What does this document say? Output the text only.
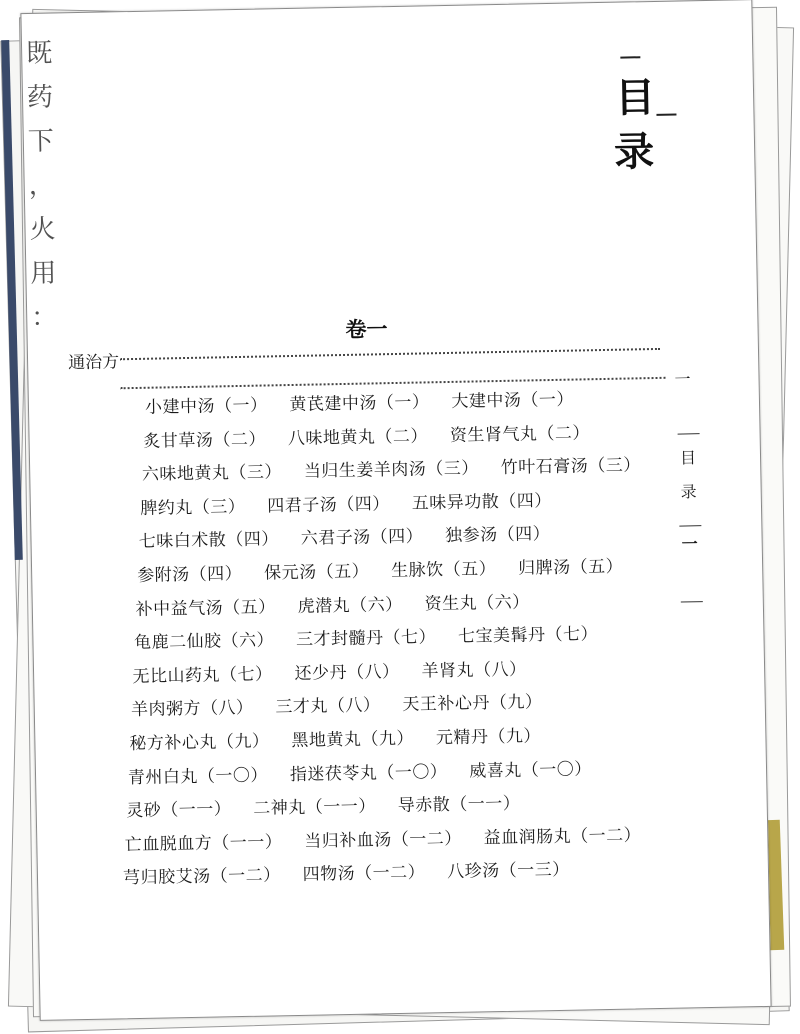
既
药
下
，
火
用
：
目
录
卷一
通治方
一
小建中汤（一） 黄芪建中汤（一） 大建中汤（一）
炙甘草汤（二） 八味地黄丸（二） 资生肾气丸（二）
六味地黄丸（三） 当归生姜羊肉汤（三） 竹叶石膏汤（三）
脾约丸（三） 四君子汤（四） 五味异功散（四）
七味白术散（四） 六君子汤（四） 独参汤（四）
参附汤（四） 保元汤（五） 生脉饮（五） 归脾汤（五）
补中益气汤（五） 虎潜丸（六） 资生丸（六）
龟鹿二仙胶（六） 三才封髓丹（七） 七宝美髯丹（七）
无比山药丸（七） 还少丹（八） 羊肾丸（八）
羊肉粥方（八） 三才丸（八） 天王补心丹（九）
秘方补心丸（九） 黑地黄丸（九） 元精丹（九）
青州白丸（一〇） 指迷茯苓丸（一〇） 威喜丸（一〇）
灵砂（一一） 二神丸（一一） 导赤散（一一）
亡血脱血方（一一） 当归补血汤（一二） 益血润肠丸（一二）
芎归胶艾汤（一二） 四物汤（一二） 八珍汤（一三）
目
录
一
